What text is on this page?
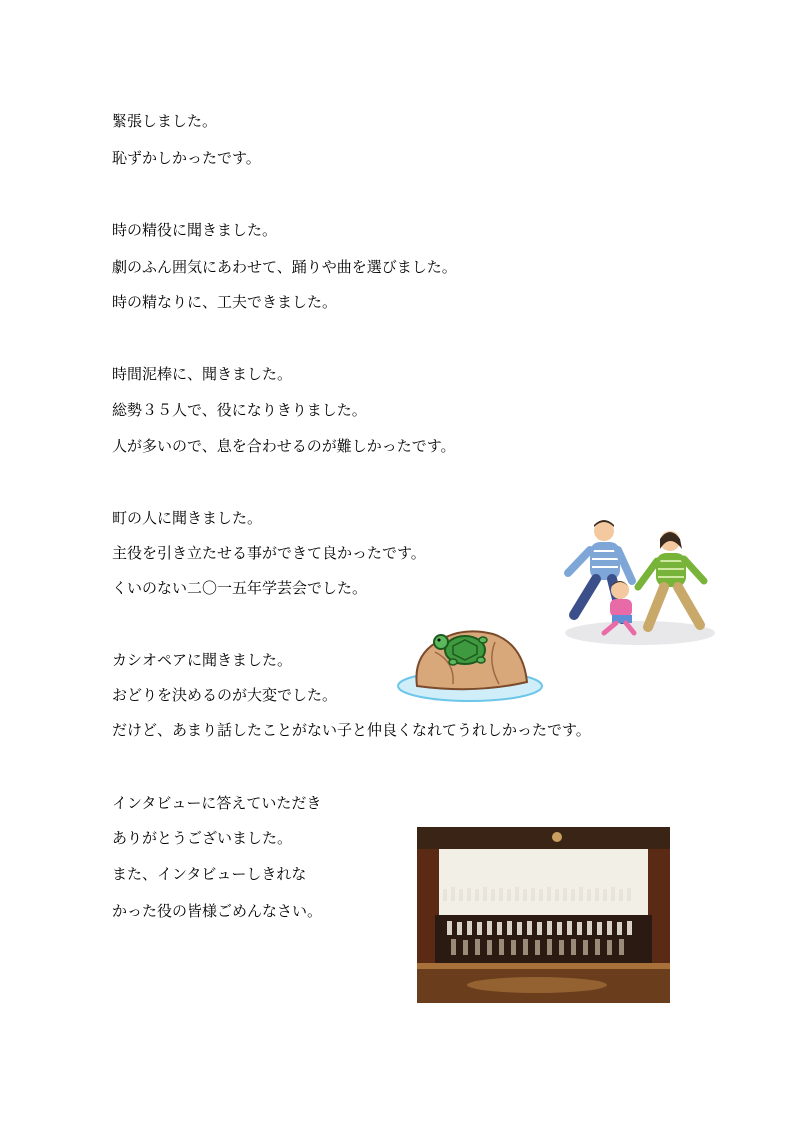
緊張しました。
恥ずかしかったです。
時の精役に聞きました。
劇のふん囲気にあわせて、踊りや曲を選びました。
時の精なりに、工夫できました。
時間泥棒に、聞きました。
総勢３５人で、役になりきりました。
人が多いので、息を合わせるのが難しかったです。
町の人に聞きました。
主役を引き立たせる事ができて良かったです。
くいのない二〇一五年学芸会でした。
カシオペアに聞きました。
おどりを決めるのが大変でした。
だけど、あまり話したことがない子と仲良くなれてうれしかったです。
インタビューに答えていただき
ありがとうございました。
また、インタビューしきれな
かった役の皆様ごめんなさい。
